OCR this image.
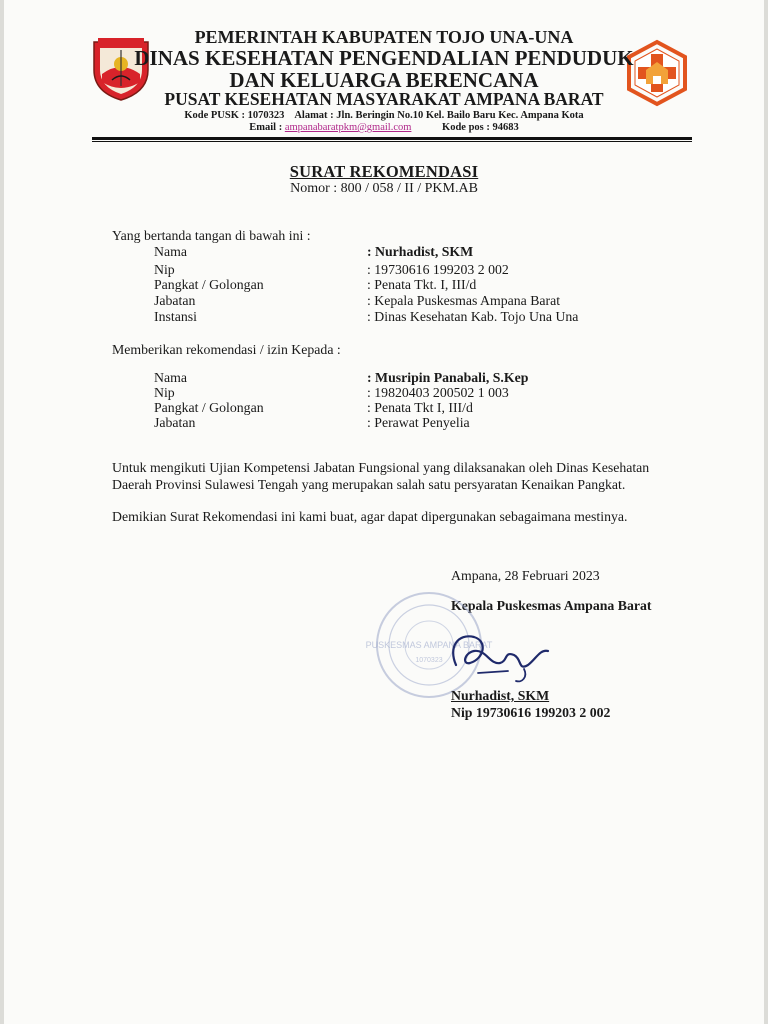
PEMERINTAH KABUPATEN TOJO UNA-UNA
DINAS KESEHATAN PENGENDALIAN PENDUDUK
DAN KELUARGA BERENCANA
PUSAT KESEHATAN MASYARAKAT AMPANA BARAT
Kode PUSK : 1070323 Alamat : Jln. Beringin No.10 Kel. Bailo Baru Kec. Ampana Kota
Email : ampanabaratpkm@gmail.com	Kode pos : 94683
SURAT REKOMENDASI
Nomor : 800 / 058 / II / PKM.AB
Yang bertanda tangan di bawah ini :
Nama	: Nurhadist, SKM
Nip	: 19730616 199203 2 002
Pangkat / Golongan	: Penata Tkt. I, III/d
Jabatan	: Kepala Puskesmas Ampana Barat
Instansi	: Dinas Kesehatan Kab. Tojo Una Una
Memberikan rekomendasi / izin Kepada :
Nama	: Musripin Panabali, S.Kep
Nip	: 19820403 200502 1 003
Pangkat / Golongan	: Penata Tkt I, III/d
Jabatan	: Perawat Penyelia
Untuk mengikuti Ujian Kompetensi Jabatan Fungsional yang dilaksanakan oleh Dinas Kesehatan
Daerah Provinsi Sulawesi Tengah yang merupakan salah satu persyaratan Kenaikan Pangkat.
Demikian Surat Rekomendasi ini kami buat, agar dapat dipergunakan sebagaimana mestinya.
Ampana, 28 Februari 2023
Kepala Puskesmas Ampana Barat
PUSKESMAS AMPANA BARAT
1070323
Nurhadist, SKM
Nip 19730616 199203 2 002
